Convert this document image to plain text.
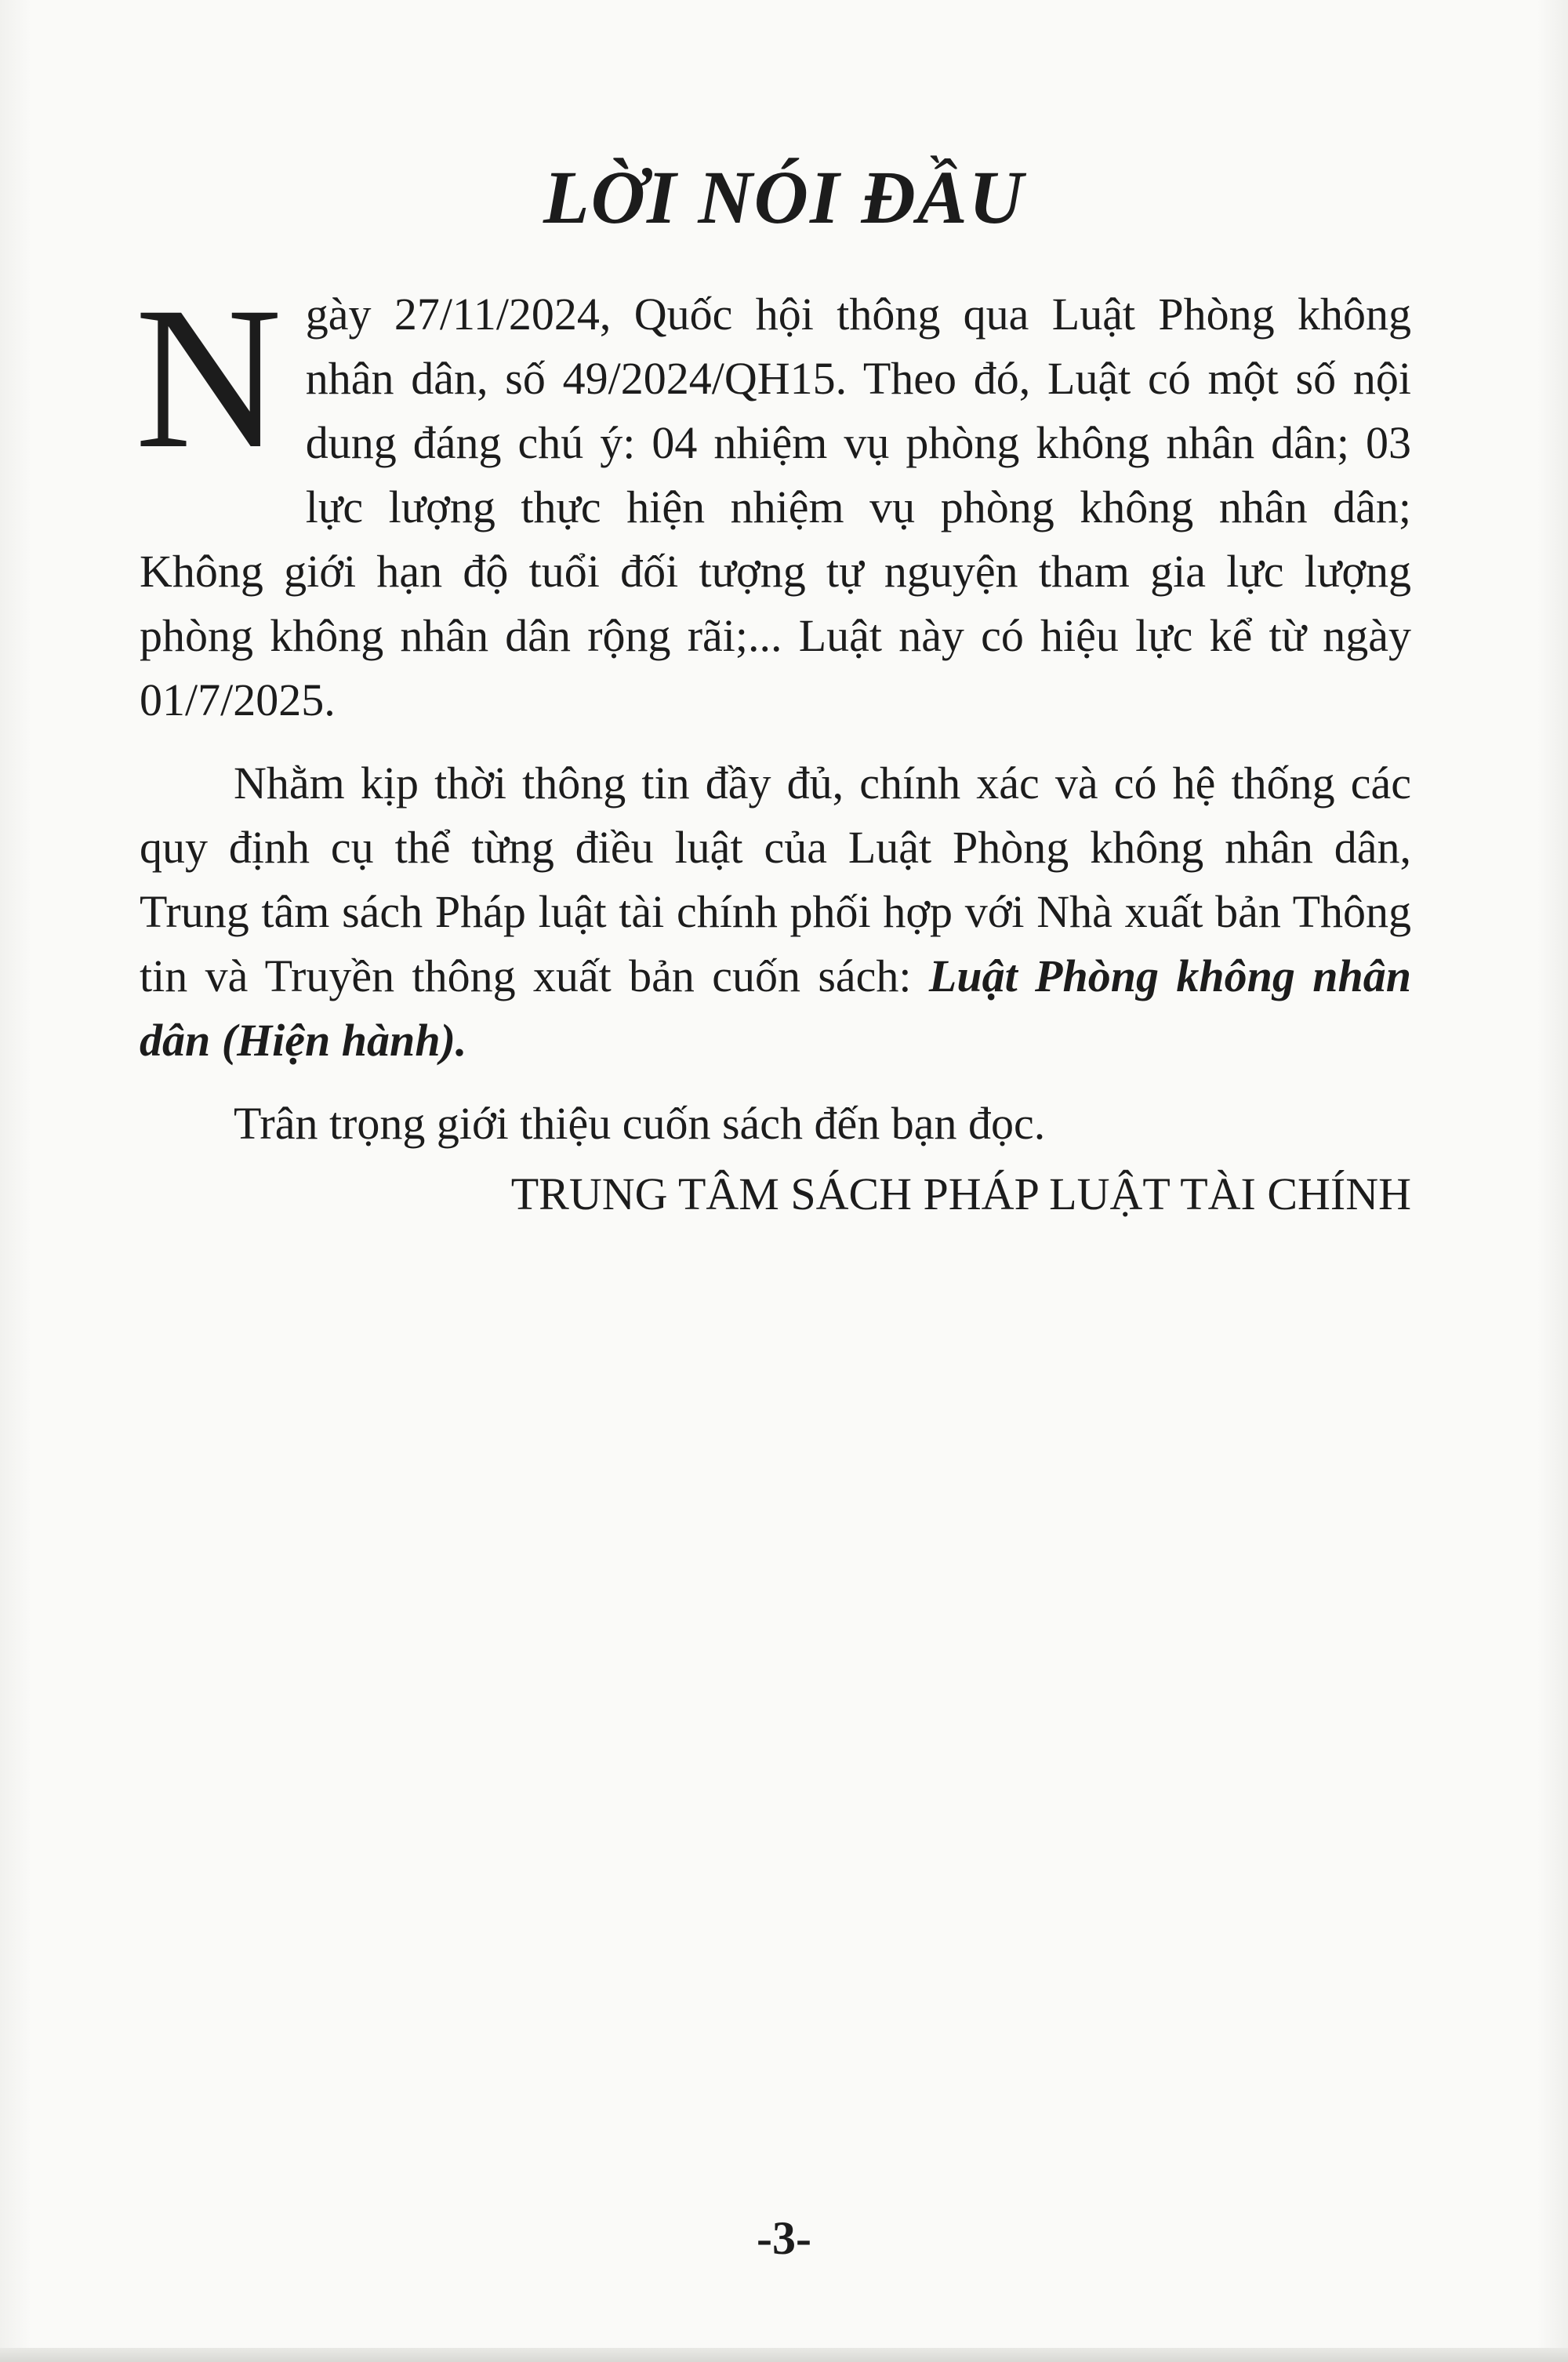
LỜI NÓI ĐẦU

Ngày 27/11/2024, Quốc hội thông qua Luật Phòng không nhân dân, số 49/2024/QH15. Theo đó, Luật có một số nội dung đáng chú ý: 04 nhiệm vụ phòng không nhân dân; 03 lực lượng thực hiện nhiệm vụ phòng không nhân dân; Không giới hạn độ tuổi đối tượng tự nguyện tham gia lực lượng phòng không nhân dân rộng rãi;... Luật này có hiệu lực kể từ ngày 01/7/2025.

Nhằm kịp thời thông tin đầy đủ, chính xác và có hệ thống các quy định cụ thể từng điều luật của Luật Phòng không nhân dân, Trung tâm sách Pháp luật tài chính phối hợp với Nhà xuất bản Thông tin và Truyền thông xuất bản cuốn sách: Luật Phòng không nhân dân (Hiện hành).

Trân trọng giới thiệu cuốn sách đến bạn đọc.

TRUNG TÂM SÁCH PHÁP LUẬT TÀI CHÍNH

-3-
